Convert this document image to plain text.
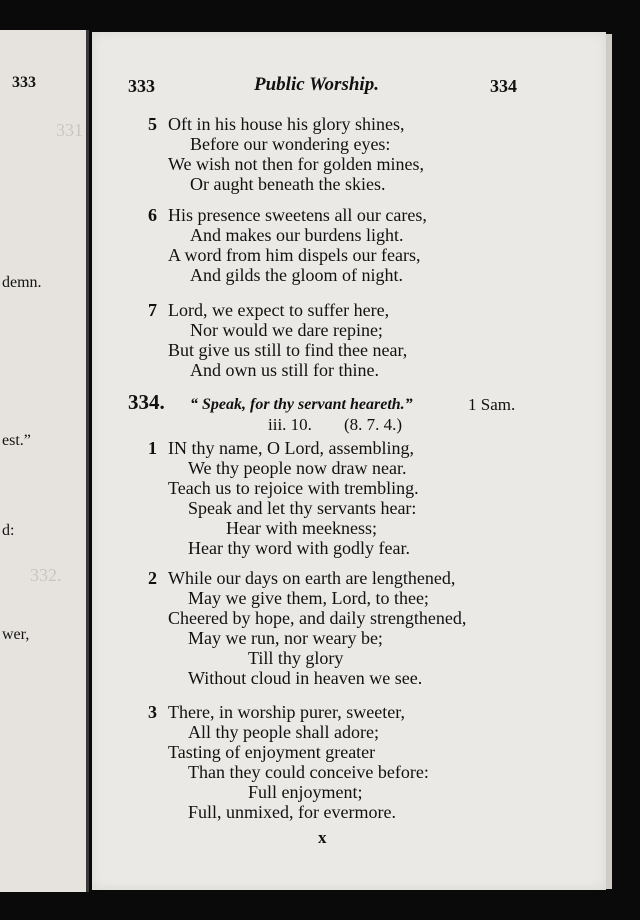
333
331
demn.
est.”
d:
332.
wer,
333	Public Worship.	334
5 Oft in his house his glory shines,
Before our wondering eyes:
We wish not then for golden mines,
Or aught beneath the skies.
6 His presence sweetens all our cares,
And makes our burdens light.
A word from him dispels our fears,
And gilds the gloom of night.
7 Lord, we expect to suffer here,
Nor would we dare repine;
But give us still to find thee near,
And own us still for thine.
334. “ Speak, for thy servant heareth.”	1 Sam.
iii. 10. (8. 7. 4.)
1 IN thy name, O Lord, assembling,
We thy people now draw near.
Teach us to rejoice with trembling.
Speak and let thy servants hear:
Hear with meekness;
Hear thy word with godly fear.
2 While our days on earth are lengthened,
May we give them, Lord, to thee;
Cheered by hope, and daily strengthened,
May we run, nor weary be;
Till thy glory
Without cloud in heaven we see.
3 There, in worship purer, sweeter,
All thy people shall adore;
Tasting of enjoyment greater
Than they could conceive before:
Full enjoyment;
Full, unmixed, for evermore.
x
